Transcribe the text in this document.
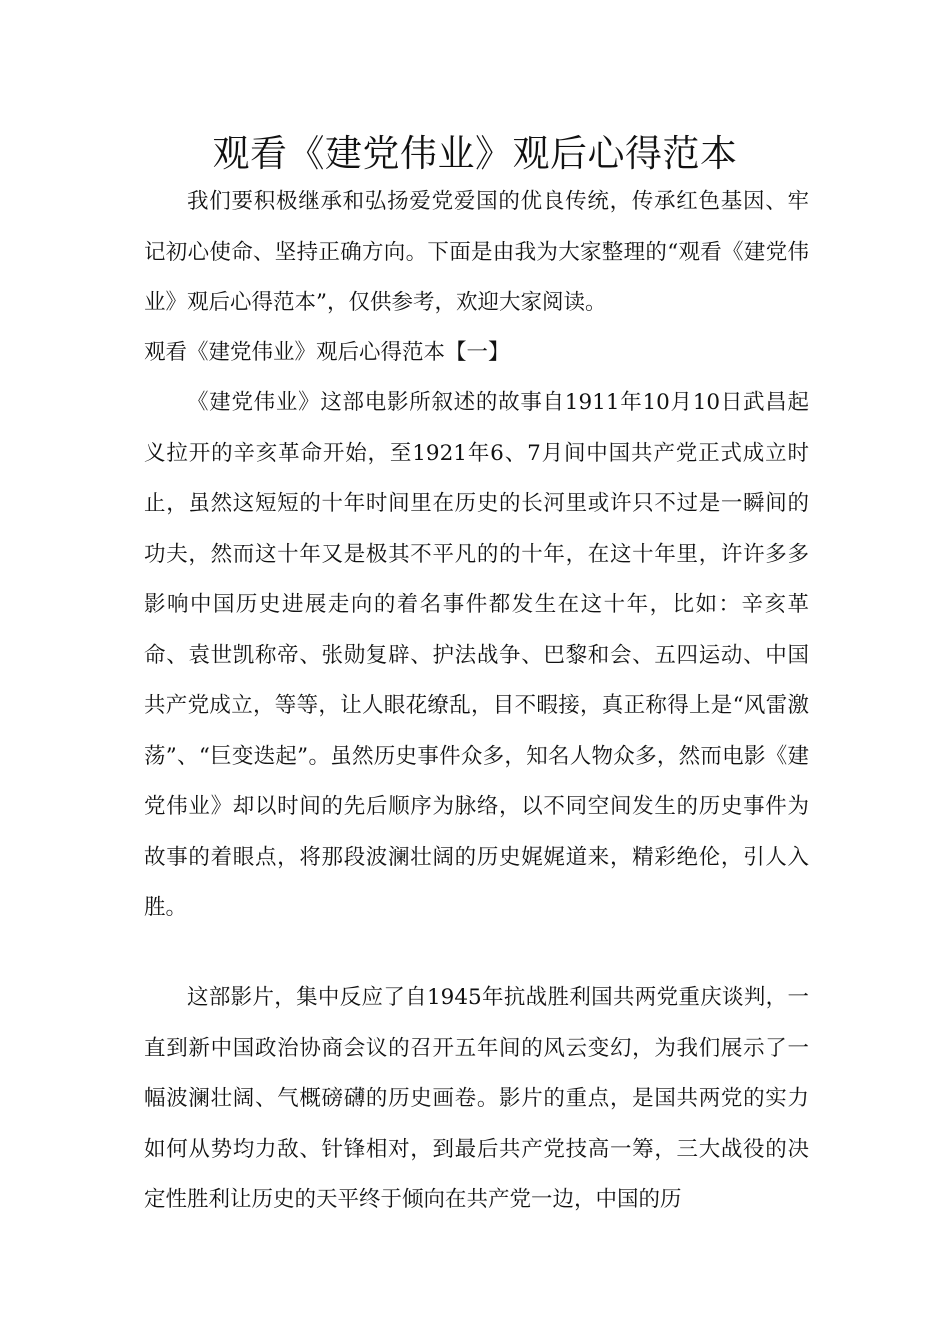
观看《建党伟业》观后心得范本

我们要积极继承和弘扬爱党爱国的优良传统，传承红色基因、牢记初心使命、坚持正确方向。下面是由我为大家整理的“观看《建党伟业》观后心得范本”，仅供参考，欢迎大家阅读。

观看《建党伟业》观后心得范本【一】

《建党伟业》这部电影所叙述的故事自1911年10月10日武昌起义拉开的辛亥革命开始，至1921年6、7月间中国共产党正式成立时止，虽然这短短的十年时间里在历史的长河里或许只不过是一瞬间的功夫，然而这十年又是极其不平凡的的十年，在这十年里，许许多多影响中国历史进展走向的着名事件都发生在这十年，比如：辛亥革命、袁世凯称帝、张勋复辟、护法战争、巴黎和会、五四运动、中国共产党成立，等等，让人眼花缭乱，目不暇接，真正称得上是“风雷激荡”、“巨变迭起”。虽然历史事件众多，知名人物众多，然而电影《建党伟业》却以时间的先后顺序为脉络，以不同空间发生的历史事件为故事的着眼点，将那段波澜壮阔的历史娓娓道来，精彩绝伦，引人入胜。

这部影片，集中反应了自1945年抗战胜利国共两党重庆谈判，一直到新中国政治协商会议的召开五年间的风云变幻，为我们展示了一幅波澜壮阔、气概磅礴的历史画卷。影片的重点，是国共两党的实力如何从势均力敌、针锋相对，到最后共产党技高一筹，三大战役的决定性胜利让历史的天平终于倾向在共产党一边，中国的历
